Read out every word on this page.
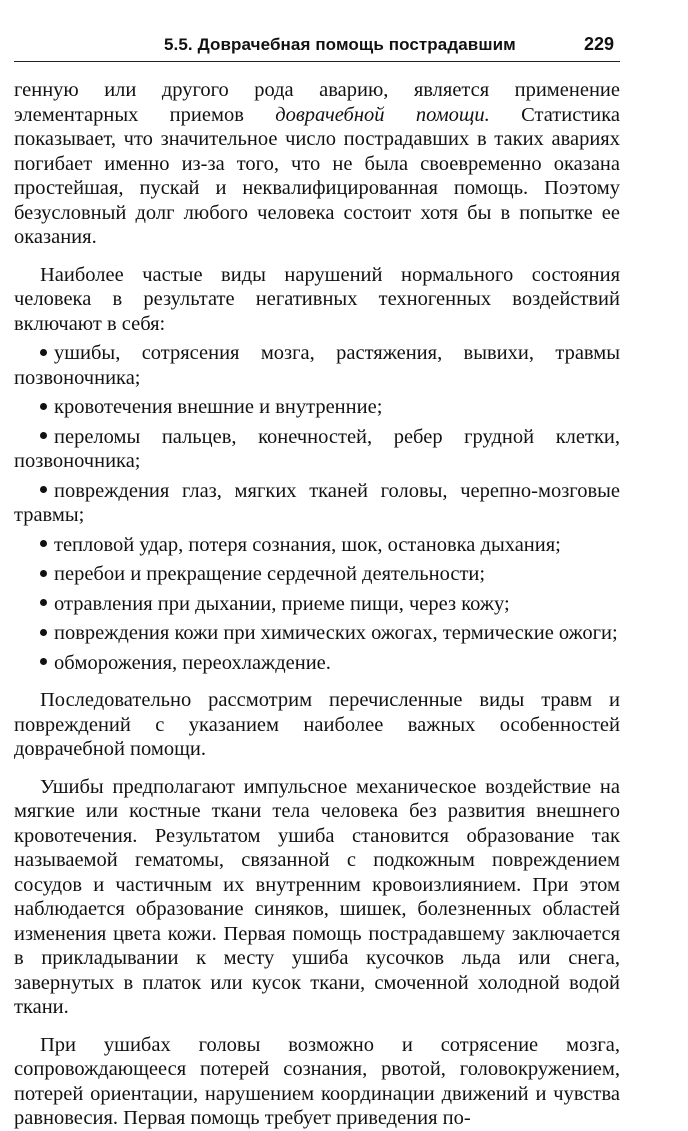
5.5. Доврачебная помощь пострадавшим	229

генную или другого рода аварию, является применение элементарных приемов доврачебной помощи. Статистика показывает, что значительное число пострадавших в таких авариях погибает именно из-за того, что не была своевременно оказана простейшая, пускай и неквалифицированная помощь. Поэтому безусловный долг любого человека состоит хотя бы в попытке ее оказания.

Наиболее частые виды нарушений нормального состояния человека в результате негативных техногенных воздействий включают в себя:

ушибы, сотрясения мозга, растяжения, вывихи, травмы позвоночника;

кровотечения внешние и внутренние;

переломы пальцев, конечностей, ребер грудной клетки, позвоночника;

повреждения глаз, мягких тканей головы, черепно-мозговые травмы;

тепловой удар, потеря сознания, шок, остановка дыхания;

перебои и прекращение сердечной деятельности;

отравления при дыхании, приеме пищи, через кожу;

повреждения кожи при химических ожогах, термические ожоги;

обморожения, переохлаждение.

Последовательно рассмотрим перечисленные виды травм и повреждений с указанием наиболее важных особенностей доврачебной помощи.

Ушибы предполагают импульсное механическое воздействие на мягкие или костные ткани тела человека без развития внешнего кровотечения. Результатом ушиба становится образование так называемой гематомы, связанной с подкожным повреждением сосудов и частичным их внутренним кровоизлиянием. При этом наблюдается образование синяков, шишек, болезненных областей изменения цвета кожи. Первая помощь пострадавшему заключается в прикладывании к месту ушиба кусочков льда или снега, завернутых в платок или кусок ткани, смоченной холодной водой ткани.

При ушибах головы возможно и сотрясение мозга, сопровождающееся потерей сознания, рвотой, головокружением, потерей ориентации, нарушением координации движений и чувства равновесия. Первая помощь требует приведения по-
